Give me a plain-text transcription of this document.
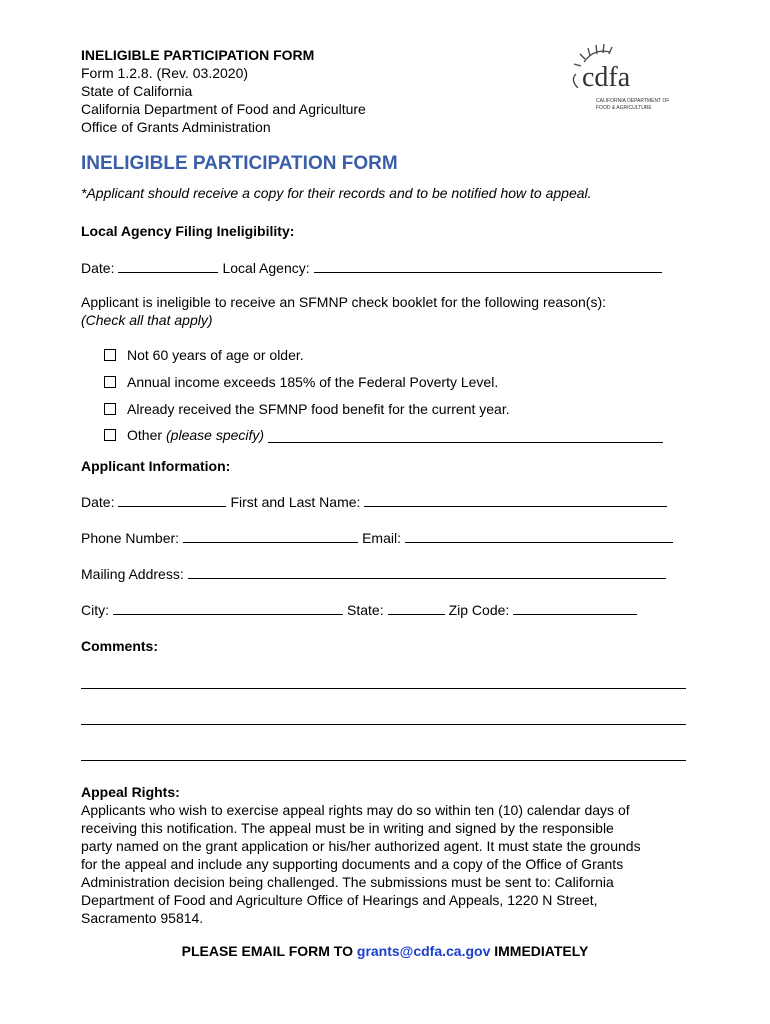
INELIGIBLE PARTICIPATION FORM
Form 1.2.8. (Rev. 03.2020)
State of California
California Department of Food and Agriculture
Office of Grants Administration
cdfa
CALIFORNIA DEPARTMENT OF
FOOD & AGRICULTURE
INELIGIBLE PARTICIPATION FORM
*Applicant should receive a copy for their records and to be notified how to appeal.
Local Agency Filing Ineligibility:
Date:	Local Agency:
Applicant is ineligible to receive an SFMNP check booklet for the following reason(s):
(Check all that apply)
Not 60 years of age or older.
Annual income exceeds 185% of the Federal Poverty Level.
Already received the SFMNP food benefit for the current year.
Other (please specify)
Applicant Information:
Date:	First and Last Name:
Phone Number:	Email:
Mailing Address:
City:	State:	Zip Code:
Comments:
Appeal Rights:
Applicants who wish to exercise appeal rights may do so within ten (10) calendar days of
receiving this notification. The appeal must be in writing and signed by the responsible
party named on the grant application or his/her authorized agent. It must state the grounds
for the appeal and include any supporting documents and a copy of the Office of Grants
Administration decision being challenged. The submissions must be sent to: California
Department of Food and Agriculture Office of Hearings and Appeals, 1220 N Street,
Sacramento 95814.
PLEASE EMAIL FORM TO grants@cdfa.ca.gov IMMEDIATELY
